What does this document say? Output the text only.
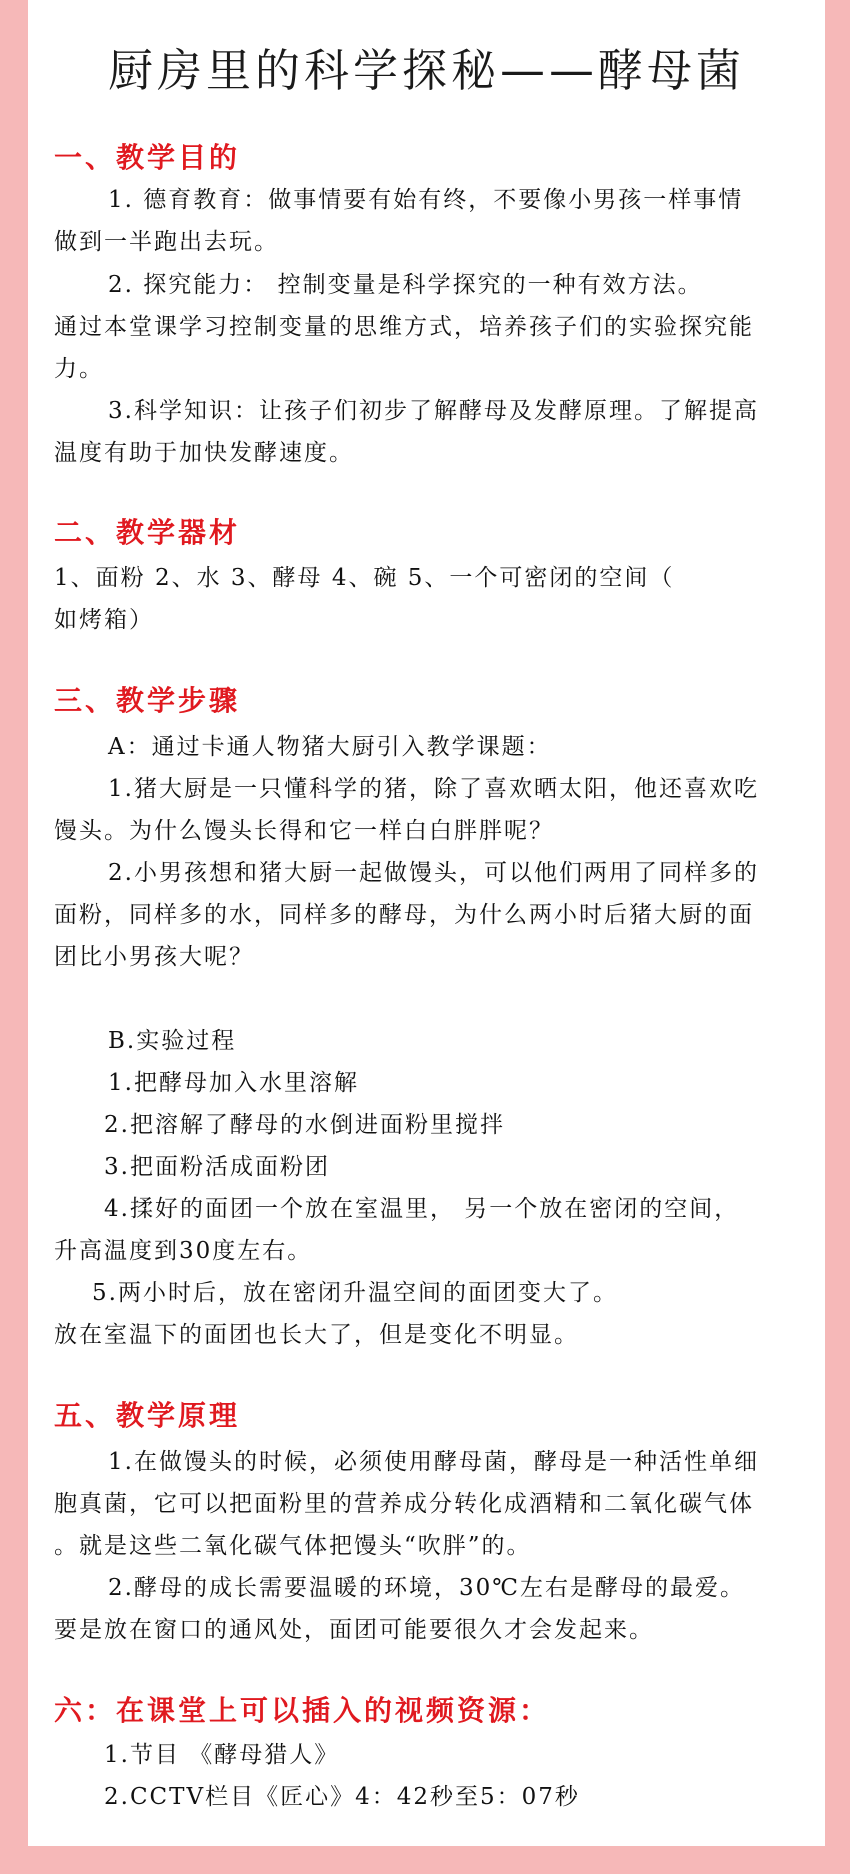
厨房里的科学探秘——酵母菌
一、教学目的
1. 德育教育：做事情要有始有终，不要像小男孩一样事情
做到一半跑出去玩。
2. 探究能力： 控制变量是科学探究的一种有效方法。
通过本堂课学习控制变量的思维方式，培养孩子们的实验探究能
力。
3.科学知识：让孩子们初步了解酵母及发酵原理。了解提高
温度有助于加快发酵速度。
二、教学器材
1、面粉 2、水 3、酵母 4、碗 5、一个可密闭的空间（
如烤箱）
三、教学步骤
A：通过卡通人物猪大厨引入教学课题：
1.猪大厨是一只懂科学的猪，除了喜欢晒太阳，他还喜欢吃
馒头。为什么馒头长得和它一样白白胖胖呢？
2.小男孩想和猪大厨一起做馒头，可以他们两用了同样多的
面粉，同样多的水，同样多的酵母，为什么两小时后猪大厨的面
团比小男孩大呢？
B.实验过程
1.把酵母加入水里溶解
2.把溶解了酵母的水倒进面粉里搅拌
3.把面粉活成面粉团
4.揉好的面团一个放在室温里， 另一个放在密闭的空间，
升高温度到30度左右。
5.两小时后，放在密闭升温空间的面团变大了。
放在室温下的面团也长大了，但是变化不明显。
五、教学原理
1.在做馒头的时候，必须使用酵母菌，酵母是一种活性单细
胞真菌，它可以把面粉里的营养成分转化成酒精和二氧化碳气体
。就是这些二氧化碳气体把馒头“吹胖”的。
2.酵母的成长需要温暖的环境，30℃左右是酵母的最爱。
要是放在窗口的通风处，面团可能要很久才会发起来。
六：在课堂上可以插入的视频资源：
1.节目 《酵母猎人》
2.CCTV栏目《匠心》4：42秒至5：07秒
